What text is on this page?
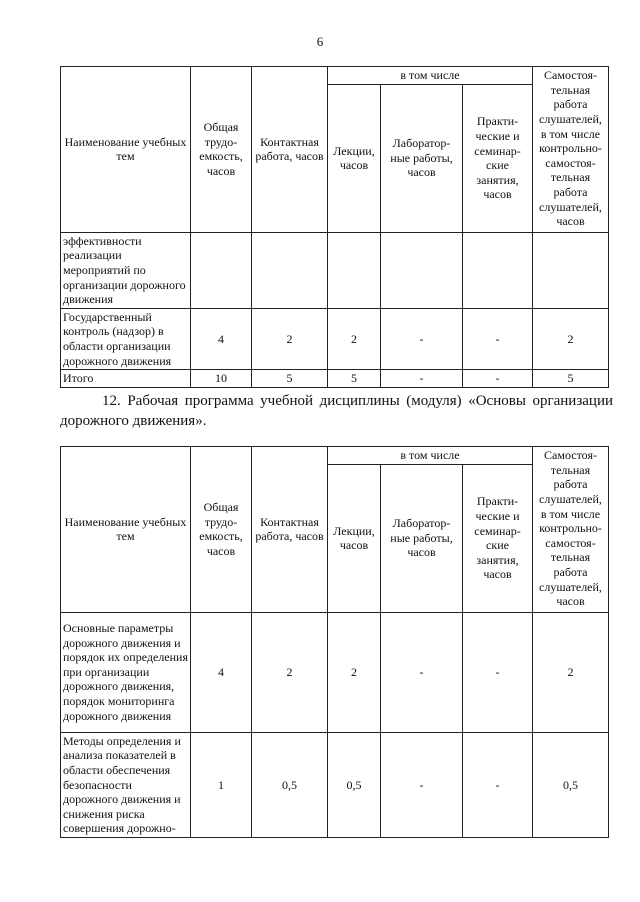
6
Наименование учебных тем	Общая трудо-емкость, часов	Контактная работа, часов	в том числе			Самостоя-тельная работа слушателей, в том числе контрольно-самостоя-тельная работа слушателей, часов
			Лекции, часов	Лаборатор-ные работы, часов	Практи-ческие и семинар-ские занятия, часов	
эффективности реализации мероприятий по организации дорожного движения						
Государственный контроль (надзор) в области организации дорожного движения	4	2	2	-	-	2
Итого	10	5	5	-	-	5
12. Рабочая программа учебной дисциплины (модуля) «Основы организации дорожного движения».
Наименование учебных тем	Общая трудо-емкость, часов	Контактная работа, часов	в том числе			Самостоя-тельная работа слушателей, в том числе контрольно-самостоя-тельная работа слушателей, часов
			Лекции, часов	Лаборатор-ные работы, часов	Практи-ческие и семинар-ские занятия, часов	
Основные параметры дорожного движения и порядок их определения при организации дорожного движения, порядок мониторинга дорожного движения	4	2	2	-	-	2
Методы определения и анализа показателей в области обеспечения безопасности дорожного движения и снижения риска совершения дорожно-	1	0,5	0,5	-	-	0,5
